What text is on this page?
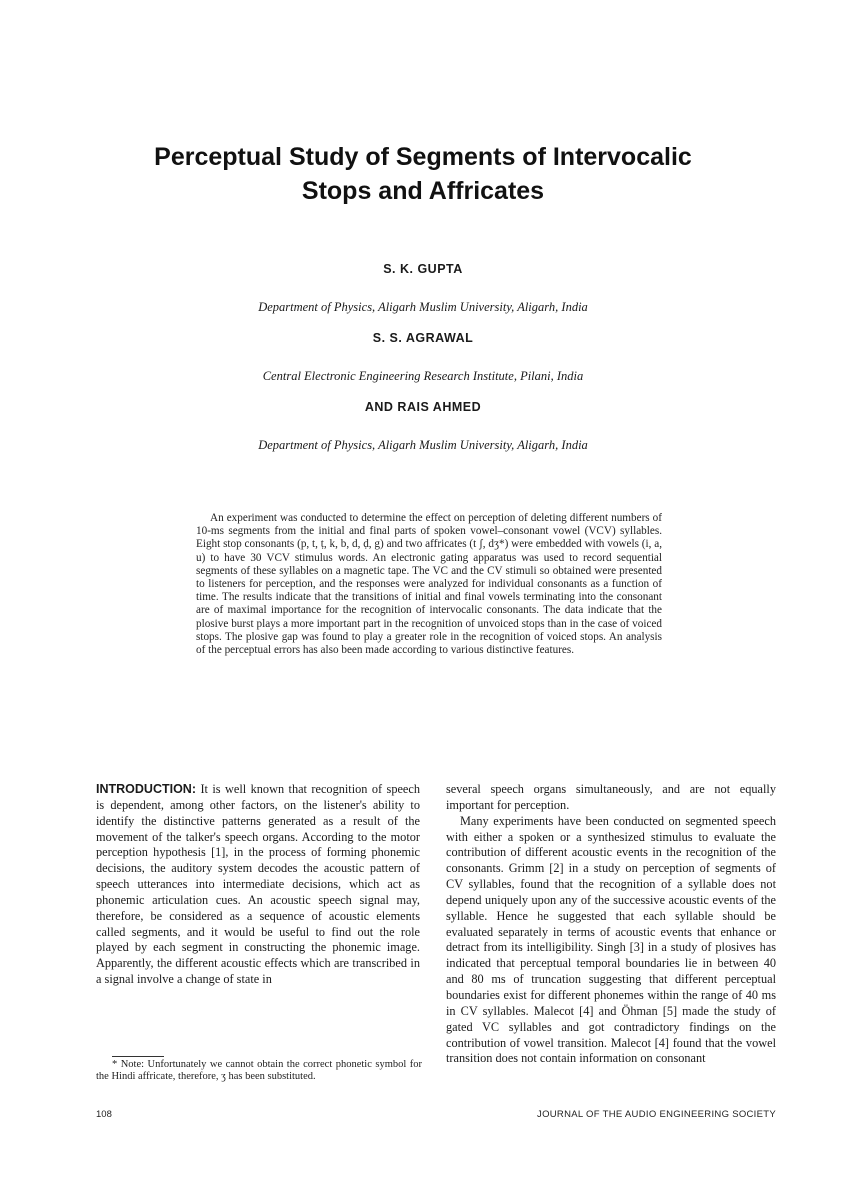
Perceptual Study of Segments of Intervocalic
Stops and Affricates
S. K. GUPTA
Department of Physics, Aligarh Muslim University, Aligarh, India
S. S. AGRAWAL
Central Electronic Engineering Research Institute, Pilani, India
AND RAIS AHMED
Department of Physics, Aligarh Muslim University, Aligarh, India
An experiment was conducted to determine the effect on perception of deleting different numbers of 10-ms segments from the initial and final parts of spoken vowel–consonant vowel (VCV) syllables. Eight stop consonants (p, t, ṭ, k, b, d, ḍ, g) and two affricates (t ʃ, dʒ*) were embedded with vowels (i, a, u) to have 30 VCV stimulus words. An electronic gating apparatus was used to record sequential segments of these syllables on a magnetic tape. The VC and the CV stimuli so obtained were presented to listeners for perception, and the responses were analyzed for individual consonants as a function of time. The results indicate that the transitions of initial and final vowels terminating into the consonant are of maximal importance for the recognition of intervocalic consonants. The data indicate that the plosive burst plays a more important part in the recognition of unvoiced stops than in the case of voiced stops. The plosive gap was found to play a greater role in the recognition of voiced stops. An analysis of the perceptual errors has also been made according to various distinctive features.

INTRODUCTION: It is well known that recognition of speech is dependent, among other factors, on the listener's ability to identify the distinctive patterns generated as a result of the movement of the talker's speech organs. According to the motor perception hypothesis [1], in the process of forming phonemic decisions, the auditory system decodes the acoustic pattern of speech utterances into intermediate decisions, which act as phonemic articulation cues. An acoustic speech signal may, therefore, be considered as a sequence of acoustic elements called segments, and it would be useful to find out the role played by each segment in constructing the phonemic image. Apparently, the different acoustic effects which are transcribed in a signal involve a change of state in

several speech organs simultaneously, and are not equally important for perception.

Many experiments have been conducted on segmented speech with either a spoken or a synthesized stimulus to evaluate the contribution of different acoustic events in the recognition of the consonants. Grimm [2] in a study on perception of segments of CV syllables, found that the recognition of a syllable does not depend uniquely upon any of the successive acoustic events of the syllable. Hence he suggested that each syllable should be evaluated separately in terms of acoustic events that enhance or detract from its intelligibility. Singh [3] in a study of plosives has indicated that perceptual temporal boundaries lie in between 40 and 80 ms of truncation suggesting that different perceptual boundaries exist for different phonemes within the range of 40 ms in CV syllables. Malecot [4] and Öhman [5] made the study of gated VC syllables and got contradictory findings on the contribution of vowel transition. Malecot [4] found that the vowel transition does not contain information on consonant

* Note: Unfortunately we cannot obtain the correct phonetic symbol for the Hindi affricate, therefore, ʒ has been substituted.
108	JOURNAL OF THE AUDIO ENGINEERING SOCIETY
